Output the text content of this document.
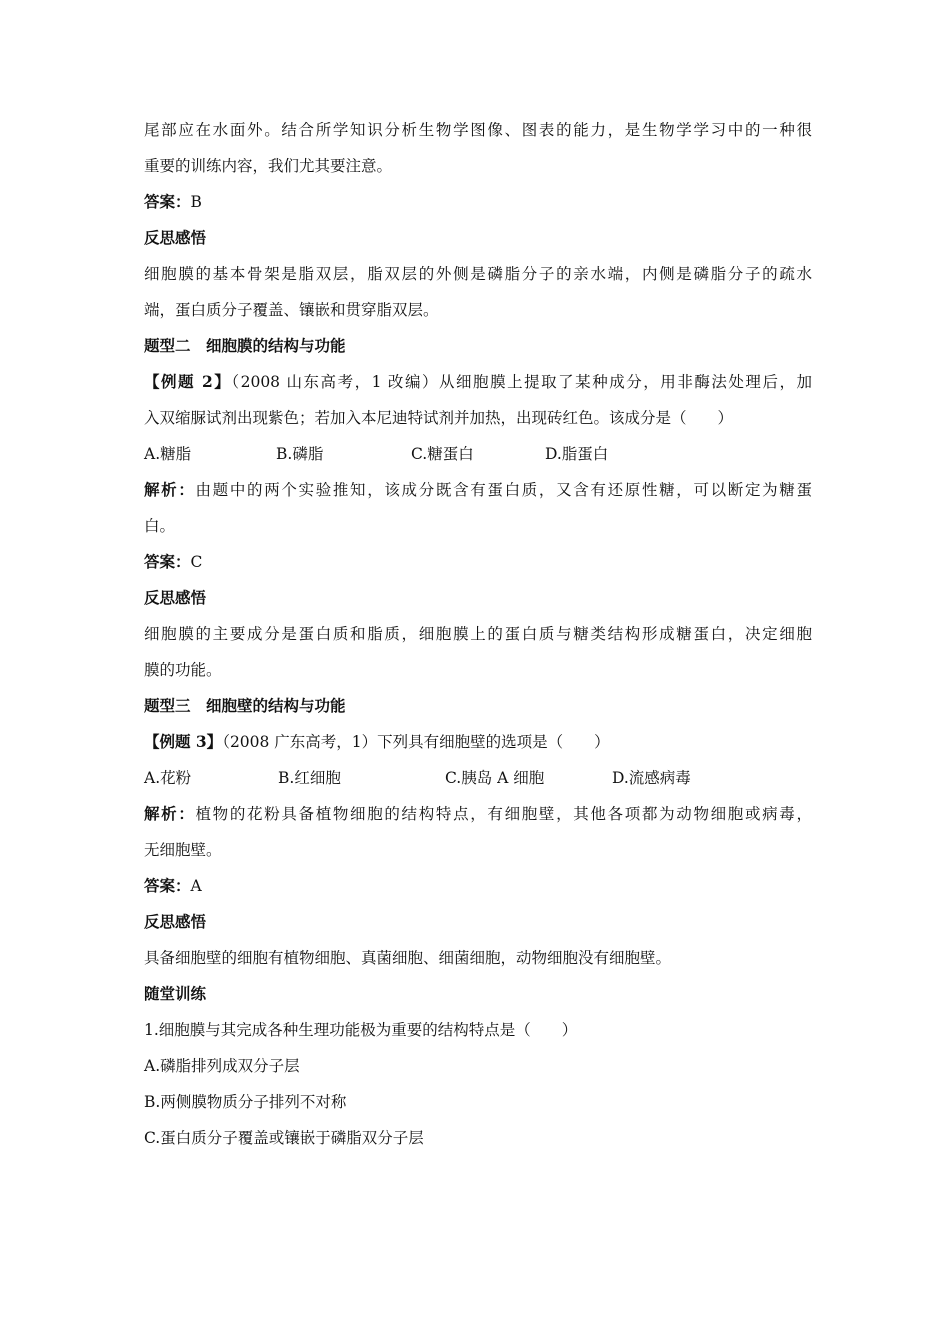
尾部应在水面外。结合所学知识分析生物学图像、图表的能力，是生物学学习中的一种很
重要的训练内容，我们尤其要注意。
答案：B
反思感悟
细胞膜的基本骨架是脂双层，脂双层的外侧是磷脂分子的亲水端，内侧是磷脂分子的疏水
端，蛋白质分子覆盖、镶嵌和贯穿脂双层。
题型二　细胞膜的结构与功能
【例题 2】（2008 山东高考，1 改编）从细胞膜上提取了某种成分，用非酶法处理后，加
入双缩脲试剂出现紫色；若加入本尼迪特试剂并加热，出现砖红色。该成分是（　　）
A.糖脂	B.磷脂	C.糖蛋白	D.脂蛋白
解析：由题中的两个实验推知，该成分既含有蛋白质，又含有还原性糖，可以断定为糖蛋
白。
答案：C
反思感悟
细胞膜的主要成分是蛋白质和脂质，细胞膜上的蛋白质与糖类结构形成糖蛋白，决定细胞
膜的功能。
题型三　细胞壁的结构与功能
【例题 3】（2008 广东高考，1）下列具有细胞壁的选项是（　　）
A.花粉	B.红细胞	C.胰岛 A 细胞	D.流感病毒
解析：植物的花粉具备植物细胞的结构特点，有细胞壁，其他各项都为动物细胞或病毒，
无细胞壁。
答案：A
反思感悟
具备细胞壁的细胞有植物细胞、真菌细胞、细菌细胞，动物细胞没有细胞壁。
随堂训练
1.细胞膜与其完成各种生理功能极为重要的结构特点是（　　）
A.磷脂排列成双分子层
B.两侧膜物质分子排列不对称
C.蛋白质分子覆盖或镶嵌于磷脂双分子层
